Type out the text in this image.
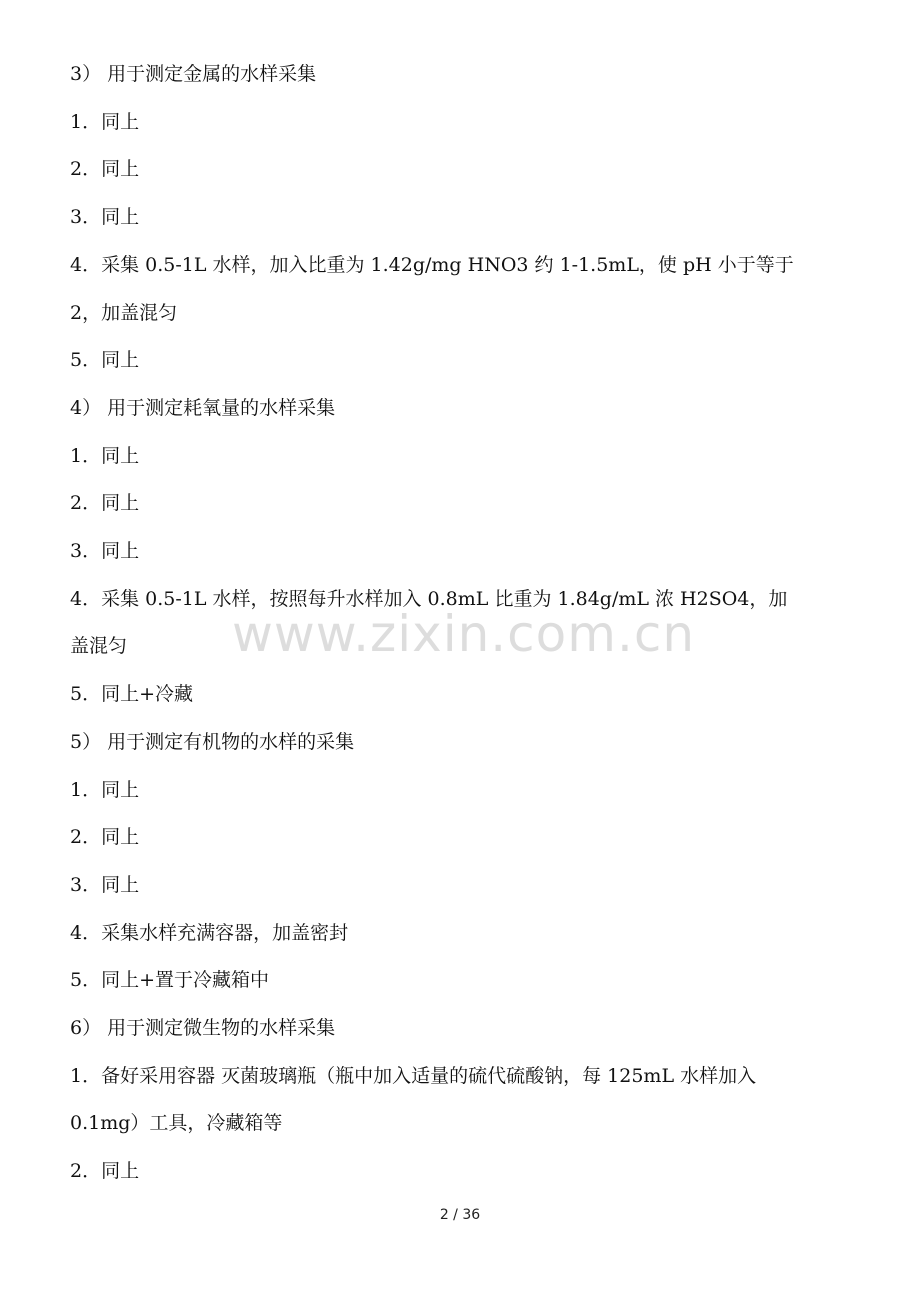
3） 用于测定金属的水样采集
1．同上
2．同上
3．同上
4．采集 0.5-1L 水样，加入比重为 1.42g/mg HNO3 约 1-1.5mL，使 pH 小于等于
2，加盖混匀
5．同上
4） 用于测定耗氧量的水样采集
1．同上
2．同上
3．同上
4．采集 0.5-1L 水样，按照每升水样加入 0.8mL 比重为 1.84g/mL 浓 H2SO4，加
盖混匀
5．同上+冷藏
5） 用于测定有机物的水样的采集
1．同上
2．同上
3．同上
4．采集水样充满容器，加盖密封
5．同上+置于冷藏箱中
6） 用于测定微生物的水样采集
1．备好采用容器 灭菌玻璃瓶（瓶中加入适量的硫代硫酸钠，每 125mL 水样加入
0.1mg）工具，冷藏箱等
2．同上
www.zixin.com.cn
2 / 36
